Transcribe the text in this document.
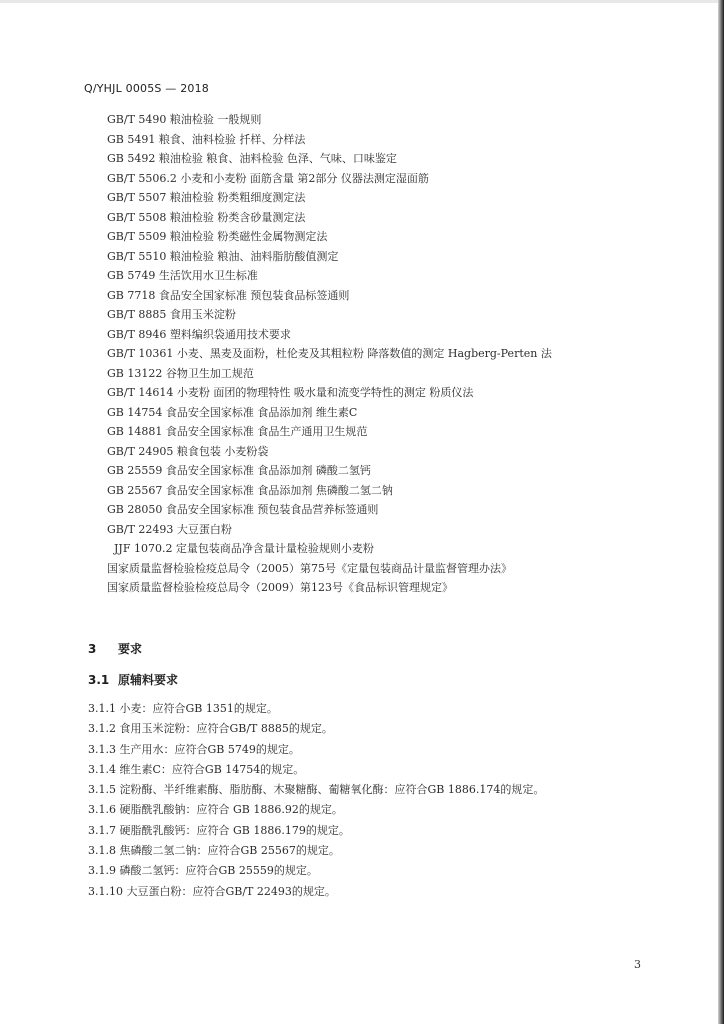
Q/YHJL 0005S — 2018
GB/T 5490 粮油检验 一般规则
GB 5491 粮食、油料检验 扦样、分样法
GB 5492 粮油检验 粮食、油料检验 色泽、气味、口味鉴定
GB/T 5506.2 小麦和小麦粉 面筋含量 第2部分 仪器法测定湿面筋
GB/T 5507 粮油检验 粉类粗细度测定法
GB/T 5508 粮油检验 粉类含砂量测定法
GB/T 5509 粮油检验 粉类磁性金属物测定法
GB/T 5510 粮油检验 粮油、油料脂肪酸值测定
GB 5749 生活饮用水卫生标准
GB 7718 食品安全国家标准 预包装食品标签通则
GB/T 8885 食用玉米淀粉
GB/T 8946 塑料编织袋通用技术要求
GB/T 10361 小麦、黑麦及面粉，杜伦麦及其粗粒粉 降落数值的测定 Hagberg-Perten 法
GB 13122 谷物卫生加工规范
GB/T 14614 小麦粉 面团的物理特性 吸水量和流变学特性的测定 粉质仪法
GB 14754 食品安全国家标准 食品添加剂 维生素C
GB 14881 食品安全国家标准 食品生产通用卫生规范
GB/T 24905 粮食包装 小麦粉袋
GB 25559 食品安全国家标准 食品添加剂 磷酸二氢钙
GB 25567 食品安全国家标准 食品添加剂 焦磷酸二氢二钠
GB 28050 食品安全国家标准 预包装食品营养标签通则
GB/T 22493 大豆蛋白粉
JJF 1070.2 定量包装商品净含量计量检验规则小麦粉
国家质量监督检验检疫总局令（2005）第75号《定量包装商品计量监督管理办法》
国家质量监督检验检疫总局令（2009）第123号《食品标识管理规定》
3 要求
3.1 原辅料要求
3.1.1 小麦：应符合GB 1351的规定。
3.1.2 食用玉米淀粉：应符合GB/T 8885的规定。
3.1.3 生产用水：应符合GB 5749的规定。
3.1.4 维生素C：应符合GB 14754的规定。
3.1.5 淀粉酶、半纤维素酶、脂肪酶、木聚糖酶、葡糖氧化酶：应符合GB 1886.174的规定。
3.1.6 硬脂酰乳酸钠：应符合 GB 1886.92的规定。
3.1.7 硬脂酰乳酸钙：应符合 GB 1886.179的规定。
3.1.8 焦磷酸二氢二钠：应符合GB 25567的规定。
3.1.9 磷酸二氢钙：应符合GB 25559的规定。
3.1.10 大豆蛋白粉：应符合GB/T 22493的规定。
3
